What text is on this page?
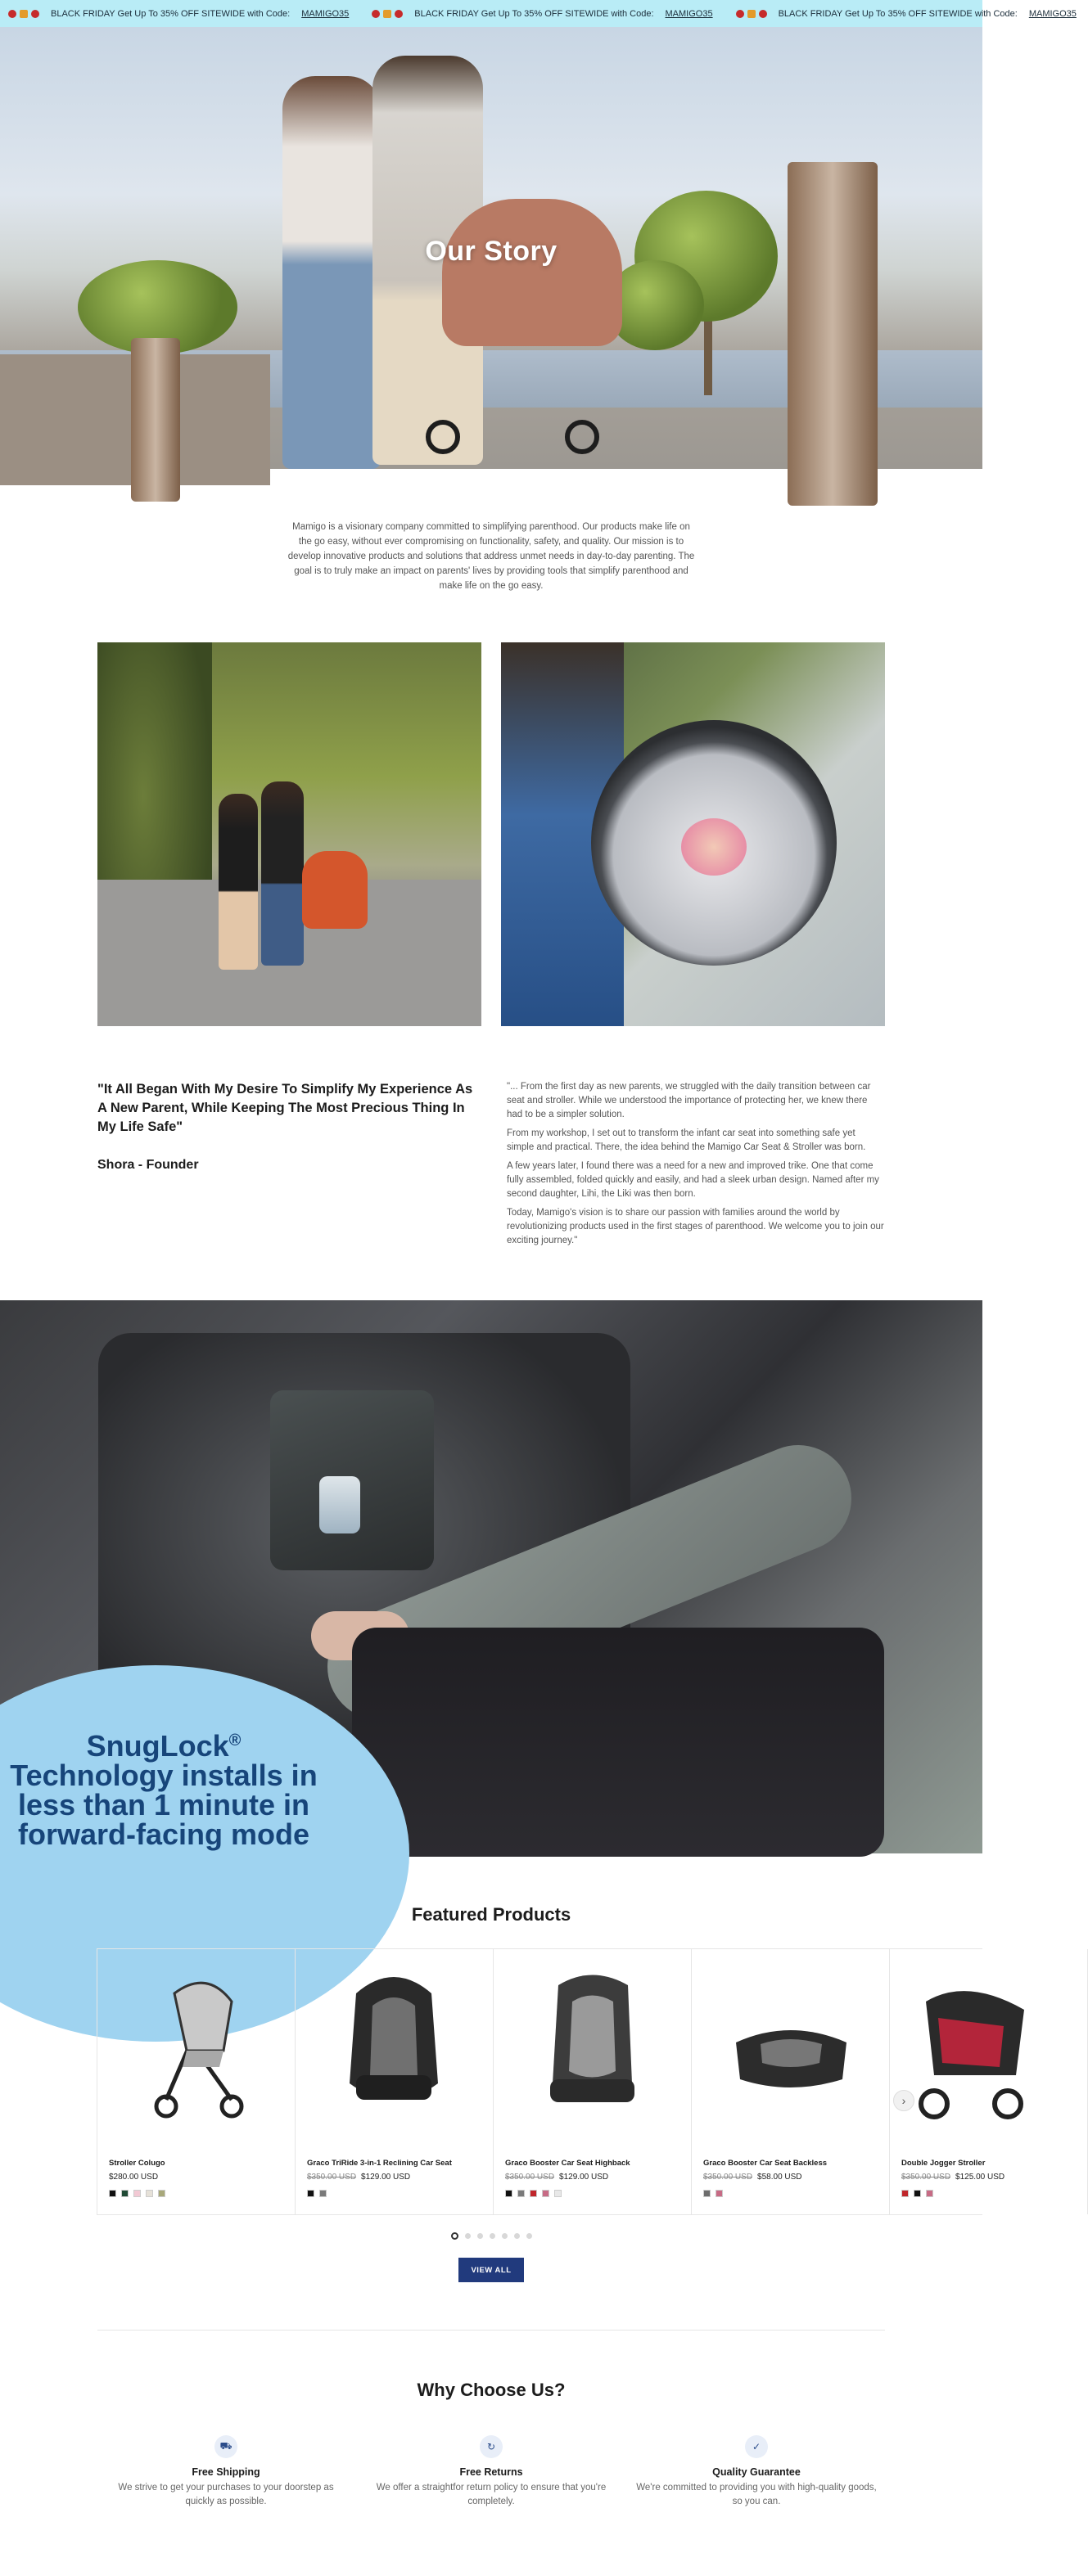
BLACK FRIDAY Get Up To 35% OFF SITEWIDE with Code: MAMIGO35	BLACK FRIDAY Get Up To 35% OFF SITEWIDE with Code: MAMIGO35	BLACK FRIDAY Get Up To 35% OFF SITEWIDE with Code: MAMIGO35
Our Story

Mamigo is a visionary company committed to simplifying parenthood. Our products make life on the go easy, without ever compromising on functionality, safety, and quality. Our mission is to develop innovative products and solutions that address unmet needs in day-to-day parenting. The goal is to truly make an impact on parents' lives by providing tools that simplify parenthood and make life on the go easy.

"It All Began With My Desire To Simplify My Experience As A New Parent, While Keeping The Most Precious Thing In My Life Safe"

Shora - Founder

"... From the first day as new parents, we struggled with the daily transition between car seat and stroller. While we understood the importance of protecting her, we knew there had to be a simpler solution.

From my workshop, I set out to transform the infant car seat into something safe yet simple and practical. There, the idea behind the Mamigo Car Seat & Stroller was born.

A few years later, I found there was a need for a new and improved trike. One that come fully assembled, folded quickly and easily, and had a sleek urban design. Named after my second daughter, Lihi, the Liki was then born.

Today, Mamigo's vision is to share our passion with families around the world by revolutionizing products used in the first stages of parenthood. We welcome you to join our exciting journey."

SnugLock®
Technology installs in
less than 1 minute in
forward-facing mode
Featured Products
Stroller Colugo
$280.00 USD
Graco TriRide 3-in-1 Reclining Car Seat
$350.00 USD $129.00 USD
Graco Booster Car Seat Highback
$350.00 USD $129.00 USD
Graco Booster Car Seat Backless
$350.00 USD $58.00 USD
Double Jogger Stroller
$350.00 USD $125.00 USD
›
VIEW ALL
Why Choose Us?
⛟
Free Shipping
We strive to get your purchases to your doorstep as quickly as possible.
↻
Free Returns
We offer a straightfor return policy to ensure that you're completely.
✓
Quality Guarantee
We're committed to providing you with high-quality goods, so you can.
